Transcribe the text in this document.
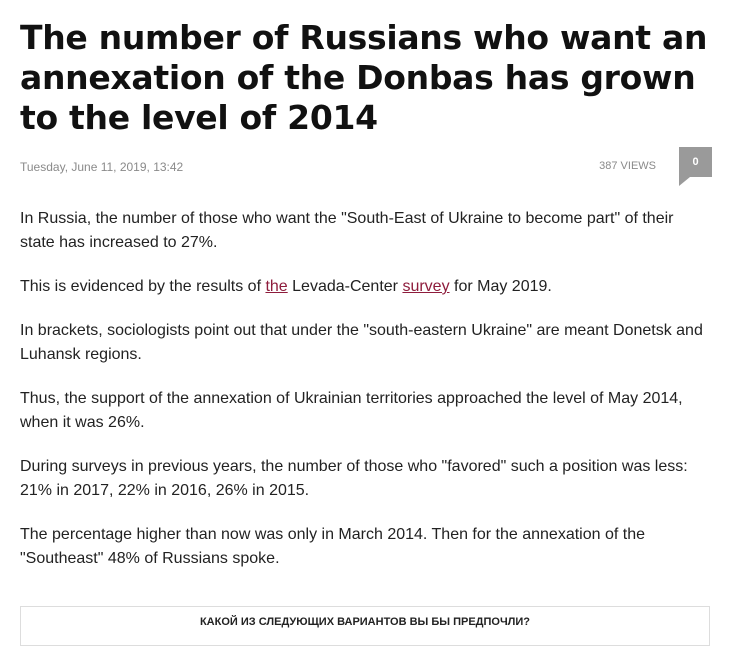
The number of Russians who want an annexation of the Donbas has grown to the level of 2014
Tuesday, June 11, 2019, 13:42	387 VIEWS	0

In Russia, the number of those who want the "South-East of Ukraine to become part" of their state has increased to 27%.

This is evidenced by the results of the Levada-Center survey for May 2019.

In brackets, sociologists point out that under the "south-eastern Ukraine" are meant Donetsk and Luhansk regions.

Thus, the support of the annexation of Ukrainian territories approached the level of May 2014, when it was 26%.

During surveys in previous years, the number of those who "favored" such a position was less: 21% in 2017, 22% in 2016, 26% in 2015.

The percentage higher than now was only in March 2014. Then for the annexation of the "Southeast" 48% of Russians spoke.

КАКОЙ ИЗ СЛЕДУЮЩИХ ВАРИАНТОВ ВЫ БЫ ПРЕДПОЧЛИ?
